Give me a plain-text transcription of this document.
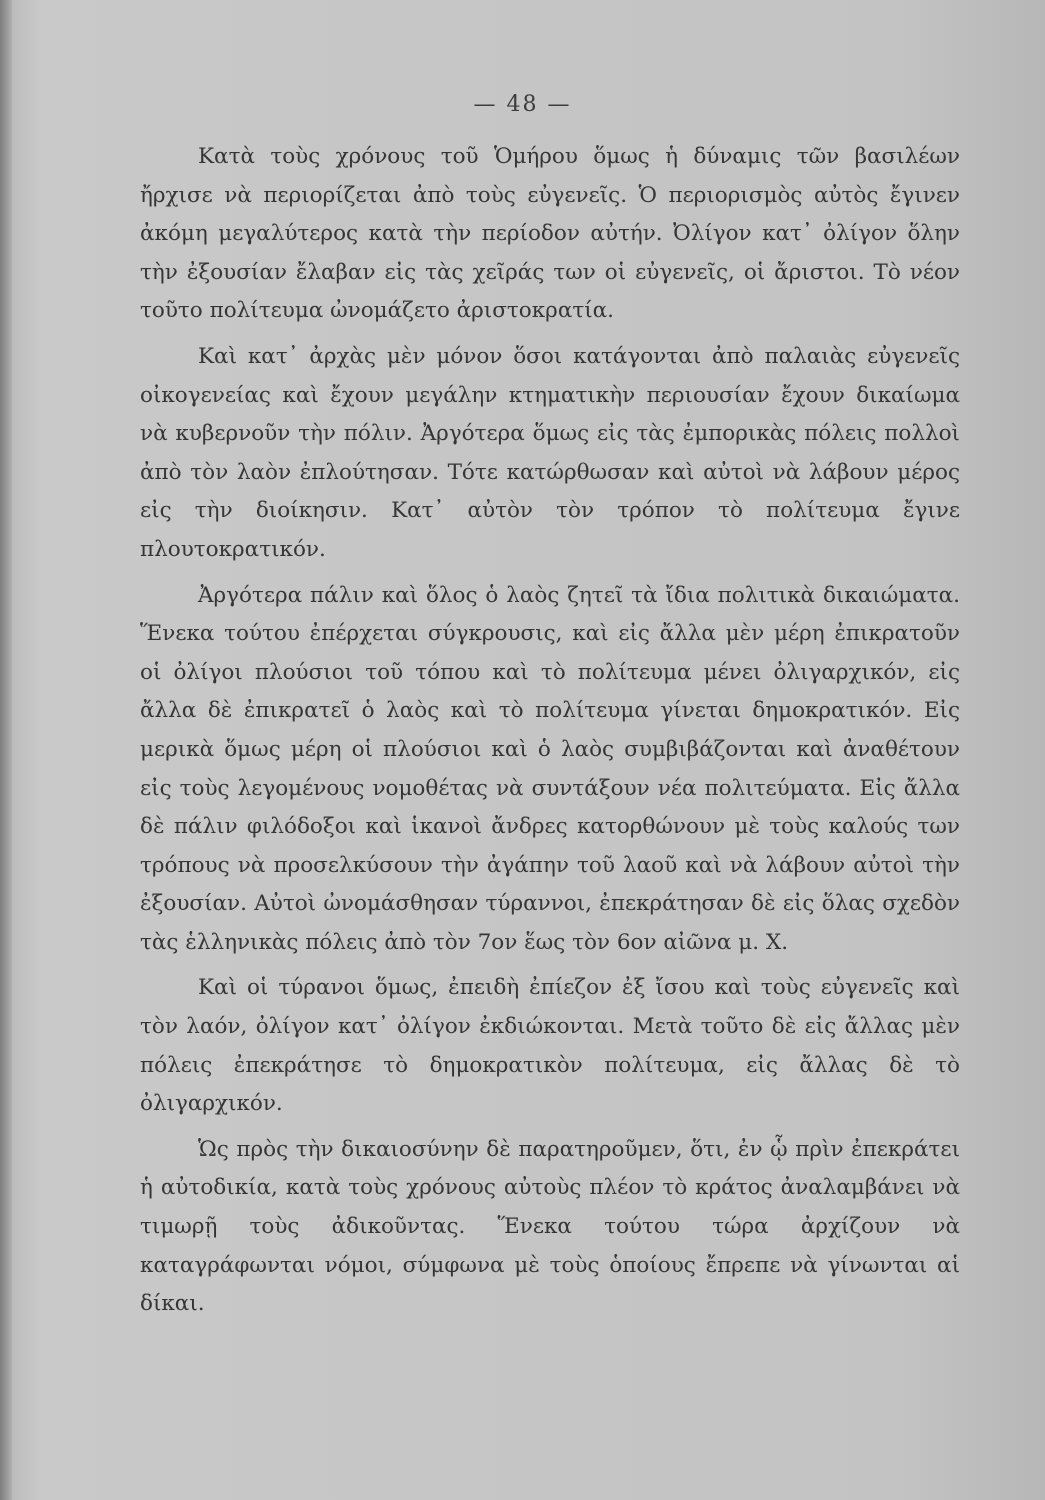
— 48 —

Κατὰ τοὺς χρόνους τοῦ Ὁμήρου ὅμως ἡ δύναμις τῶν βασιλέων ἤρχισε νὰ περιορίζεται ἀπὸ τοὺς εὐγενεῖς. Ὁ περιορισμὸς αὐτὸς ἔγινεν ἀκόμη μεγαλύτερος κατὰ τὴν περίοδον αὐτήν. Ὀλίγον κατ᾿ ὀλίγον ὅλην τὴν ἐξουσίαν ἔλαβαν εἰς τὰς χεῖράς των οἱ εὐγενεῖς, οἱ ἄριστοι. Τὸ νέον τοῦτο πολίτευμα ὠνομάζετο ἀριστοκρατία.

Καὶ κατ᾿ ἀρχὰς μὲν μόνον ὅσοι κατάγονται ἀπὸ παλαιὰς εὐγενεῖς οἰκογενείας καὶ ἔχουν μεγάλην κτηματικὴν περιουσίαν ἔχουν δικαίωμα νὰ κυβερνοῦν τὴν πόλιν. Ἀργότερα ὅμως εἰς τὰς ἐμπορικὰς πόλεις πολλοὶ ἀπὸ τὸν λαὸν ἐπλούτησαν. Τότε κατώρθωσαν καὶ αὐτοὶ νὰ λάβουν μέρος εἰς τὴν διοίκησιν. Κατ᾿ αὐτὸν τὸν τρόπον τὸ πολίτευμα ἔγινε πλουτοκρατικόν.

Ἀργότερα πάλιν καὶ ὅλος ὁ λαὸς ζητεῖ τὰ ἴδια πολιτικὰ δικαιώματα. Ἕνεκα τούτου ἐπέρχεται σύγκρουσις, καὶ εἰς ἄλλα μὲν μέρη ἐπικρατοῦν οἱ ὀλίγοι πλούσιοι τοῦ τόπου καὶ τὸ πολίτευμα μένει ὀλιγαρχικόν, εἰς ἄλλα δὲ ἐπικρατεῖ ὁ λαὸς καὶ τὸ πολίτευμα γίνεται δημοκρατικόν. Εἰς μερικὰ ὅμως μέρη οἱ πλούσιοι καὶ ὁ λαὸς συμβιβάζονται καὶ ἀναθέτουν εἰς τοὺς λεγομένους νομοθέτας νὰ συντάξουν νέα πολιτεύματα. Εἰς ἄλλα δὲ πάλιν φιλόδοξοι καὶ ἱκανοὶ ἄνδρες κατορθώνουν μὲ τοὺς καλούς των τρόπους νὰ προσελκύσουν τὴν ἀγάπην τοῦ λαοῦ καὶ νὰ λάβουν αὐτοὶ τὴν ἐξουσίαν. Αὐτοὶ ὠνομάσθησαν τύραννοι, ἐπεκράτησαν δὲ εἰς ὅλας σχεδὸν τὰς ἑλληνικὰς πόλεις ἀπὸ τὸν 7ον ἕως τὸν 6ον αἰῶνα μ. Χ.

Καὶ οἱ τύρανοι ὅμως, ἐπειδὴ ἐπίεζον ἐξ ἴσου καὶ τοὺς εὐγενεῖς καὶ τὸν λαόν, ὀλίγον κατ᾿ ὀλίγον ἐκδιώκονται. Μετὰ τοῦτο δὲ εἰς ἄλλας μὲν πόλεις ἐπεκράτησε τὸ δημοκρατικὸν πολίτευμα, εἰς ἄλλας δὲ τὸ ὀλιγαρχικόν.

Ὡς πρὸς τὴν δικαιοσύνην δὲ παρατηροῦμεν, ὅτι, ἐν ᾧ πρὶν ἐπεκράτει ἡ αὐτοδικία, κατὰ τοὺς χρόνους αὐτοὺς πλέον τὸ κράτος ἀναλαμβάνει νὰ τιμωρῇ τοὺς ἀδικοῦντας. Ἕνεκα τούτου τώρα ἀρχίζουν νὰ καταγράφωνται νόμοι, σύμφωνα μὲ τοὺς ὁποίους ἔπρεπε νὰ γίνωνται αἱ δίκαι.
